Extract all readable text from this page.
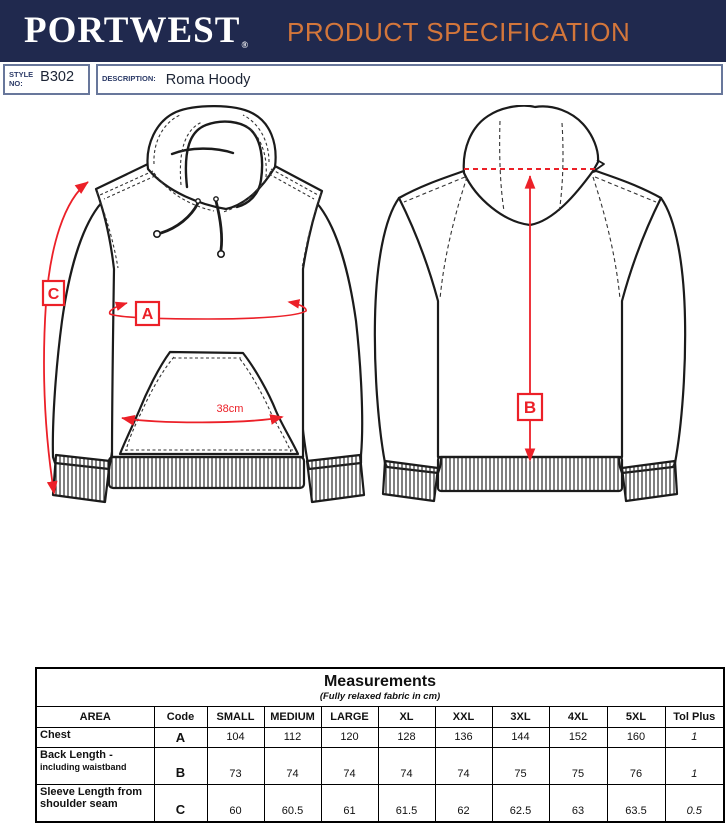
PORTWEST® PRODUCT SPECIFICATION
STYLE
NO:	B302	DESCRIPTION: Roma Hoody
A
C
38cm	B
Measurements
(Fully relaxed fabric in cm)										

AREA	Code	SMALL	MEDIUM	LARGE	XL	XXL	3XL	4XL	5XL	Tol Plus
Chest	A	104	112	120	128	136	144	152	160	1

Back Length -
including waistband	B	73	74	74	74	74	75	75	76	1

Sleeve Length from
shoulder seam	C	60	60.5	61	61.5	62	62.5	63	63.5	0.5
